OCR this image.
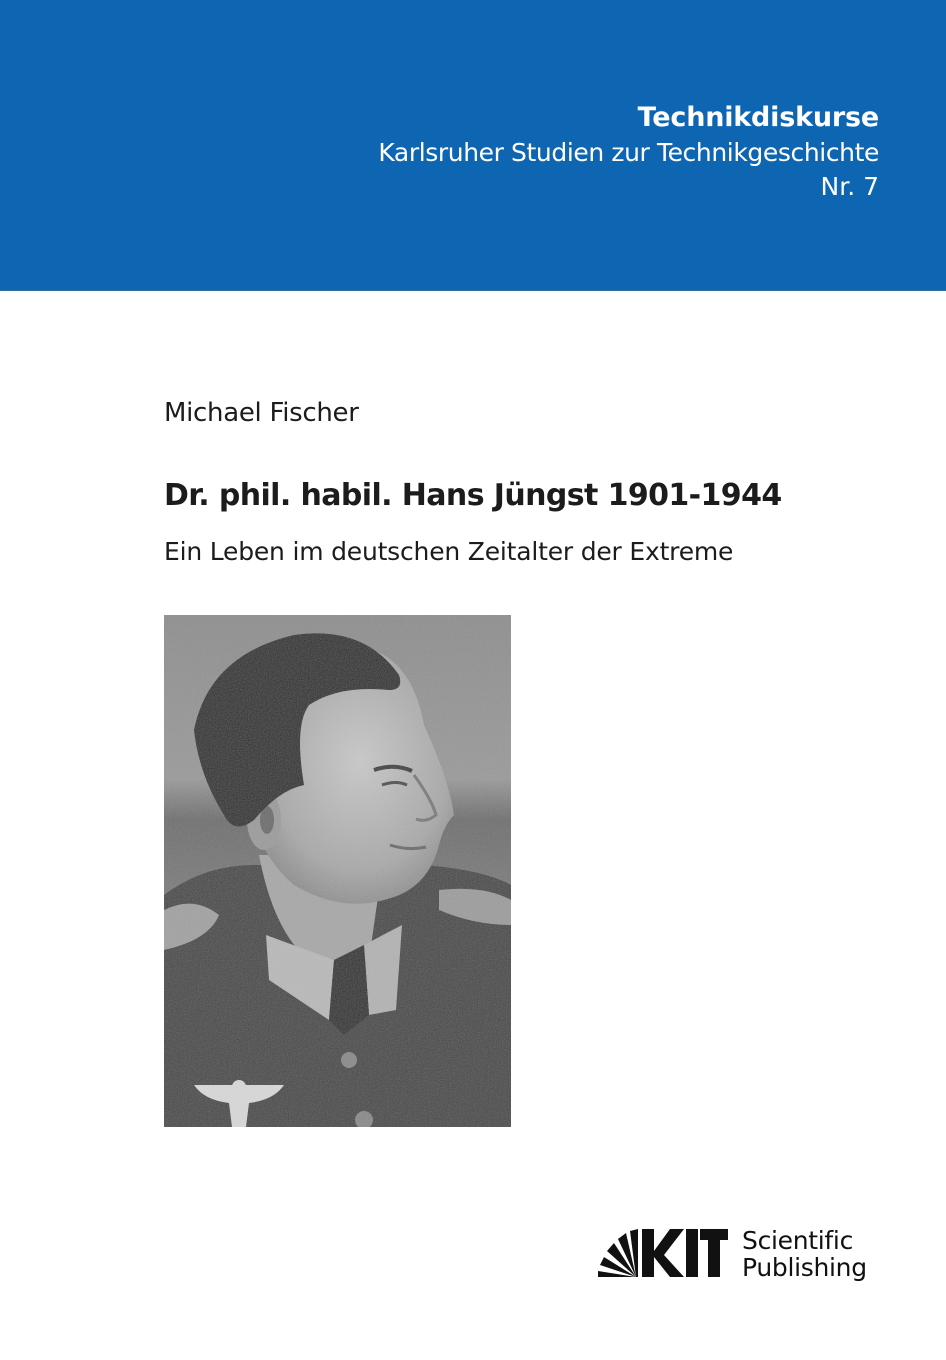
Technikdiskurse
Karlsruher Studien zur Technikgeschichte
Nr. 7
Michael Fischer
Dr. phil. habil. Hans Jüngst 1901-1944
Ein Leben im deutschen Zeitalter der Extreme
Scientific
Publishing
